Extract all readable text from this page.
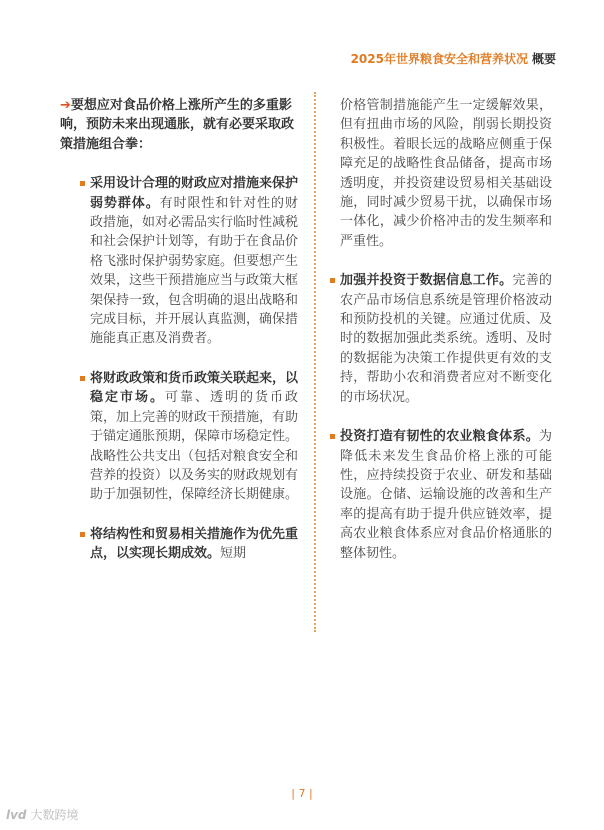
2025年世界粮食安全和营养状况 概要

➔要想应对食品价格上涨所产生的多重影响，预防未来出现通胀，就有必要采取政策措施组合拳：

采用设计合理的财政应对措施来保护弱势群体。有时限性和针对性的财政措施，如对必需品实行临时性减税和社会保护计划等，有助于在食品价格飞涨时保护弱势家庭。但要想产生效果，这些干预措施应当与政策大框架保持一致，包含明确的退出战略和完成目标，并开展认真监测，确保措施能真正惠及消费者。
将财政政策和货币政策关联起来，以稳定市场。可靠、透明的货币政策，加上完善的财政干预措施，有助于锚定通胀预期，保障市场稳定性。战略性公共支出（包括对粮食安全和营养的投资）以及务实的财政规划有助于加强韧性，保障经济长期健康。
将结构性和贸易相关措施作为优先重点，以实现长期成效。短期

价格管制措施能产生一定缓解效果，但有扭曲市场的风险，削弱长期投资积极性。着眼长远的战略应侧重于保障充足的战略性食品储备，提高市场透明度，并投资建设贸易相关基础设施，同时减少贸易干扰，以确保市场一体化，减少价格冲击的发生频率和严重性。

加强并投资于数据信息工作。完善的农产品市场信息系统是管理价格波动和预防投机的关键。应通过优质、及时的数据加强此类系统。透明、及时的数据能为决策工作提供更有效的支持，帮助小农和消费者应对不断变化的市场状况。
投资打造有韧性的农业粮食体系。为降低未来发生食品价格上涨的可能性，应持续投资于农业、研发和基础设施。仓储、运输设施的改善和生产率的提高有助于提升供应链效率，提高农业粮食体系应对食品价格通胀的整体韧性。
| 7 |
lvd 大数跨境
